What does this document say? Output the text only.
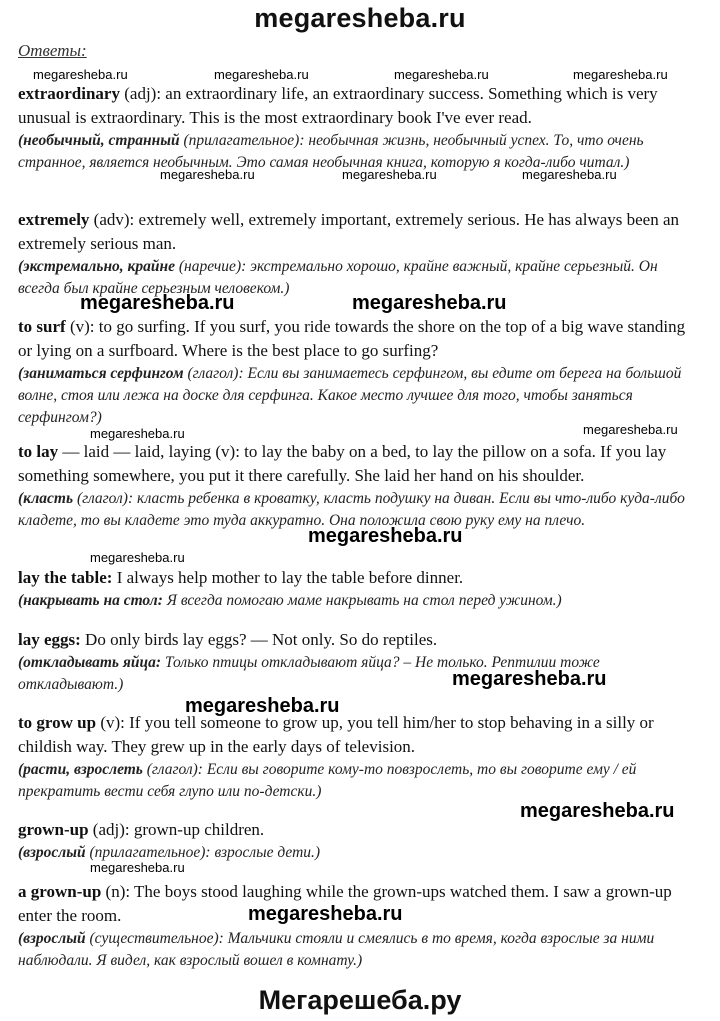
megaresheba.ru
Ответы:
megaresheba.ru	megaresheba.ru	megaresheba.ru	megaresheba.ru
megaresheba.ru	megaresheba.ru	megaresheba.ru
megaresheba.ru
megaresheba.ru
megaresheba.ru
megaresheba.ru
megaresheba.ru	megaresheba.ru
megaresheba.ru
megaresheba.ru
megaresheba.ru
megaresheba.ru
megaresheba.ru
extraordinary (adj): an extraordinary life, an extraordinary success. Something which is very unusual is extraordinary. This is the most extraordinary book I've ever read.
(необычный, странный (прилагательное): необычная жизнь, необычный успех. То, что очень странное, является необычным. Это самая необычная книга, которую я когда-либо читал.)
extremely (adv): extremely well, extremely important, extremely serious. He has always been an extremely serious man.
(экстремально, крайне (наречие): экстремально хорошо, крайне важный, крайне серьезный. Он всегда был крайне серьезным человеком.)
to surf (v): to go surfing. If you surf, you ride towards the shore on the top of a big wave standing or lying on a surfboard. Where is the best place to go surfing?
(заниматься серфингом (глагол): Если вы занимаетесь серфингом, вы едите от берега на большой волне, стоя или лежа на доске для серфинга. Какое место лучшее для того, чтобы заняться серфингом?)
to lay — laid — laid, laying (v): to lay the baby on a bed, to lay the pillow on a sofa. If you lay something somewhere, you put it there carefully. She laid her hand on his shoulder.
(класть (глагол): класть ребенка в кроватку, класть подушку на диван. Если вы что-либо куда-либо кладете, то вы кладете это туда аккуратно. Она положила свою руку ему на плечо.
lay the table: I always help mother to lay the table before dinner.
(накрывать на стол: Я всегда помогаю маме накрывать на стол перед ужином.)
lay eggs: Do only birds lay eggs? — Not only. So do reptiles.
(откладывать яйца: Только птицы откладывают яйца? – Не только. Рептилии тоже откладывают.)
to grow up (v): If you tell someone to grow up, you tell him/her to stop behaving in a silly or childish way. They grew up in the early days of television.
(расти, взрослеть (глагол): Если вы говорите кому-то повзрослеть, то вы говорите ему / ей прекратить вести себя глупо или по-детски.)
grown-up (adj): grown-up children.
(взрослый (прилагательное): взрослые дети.)
a grown-up (n): The boys stood laughing while the grown-ups watched them. I saw a grown-up enter the room.
(взрослый (существительное): Мальчики стояли и смеялись в то время, когда взрослые за ними наблюдали. Я видел, как взрослый вошел в комнату.)
Мегарешеба.ру
